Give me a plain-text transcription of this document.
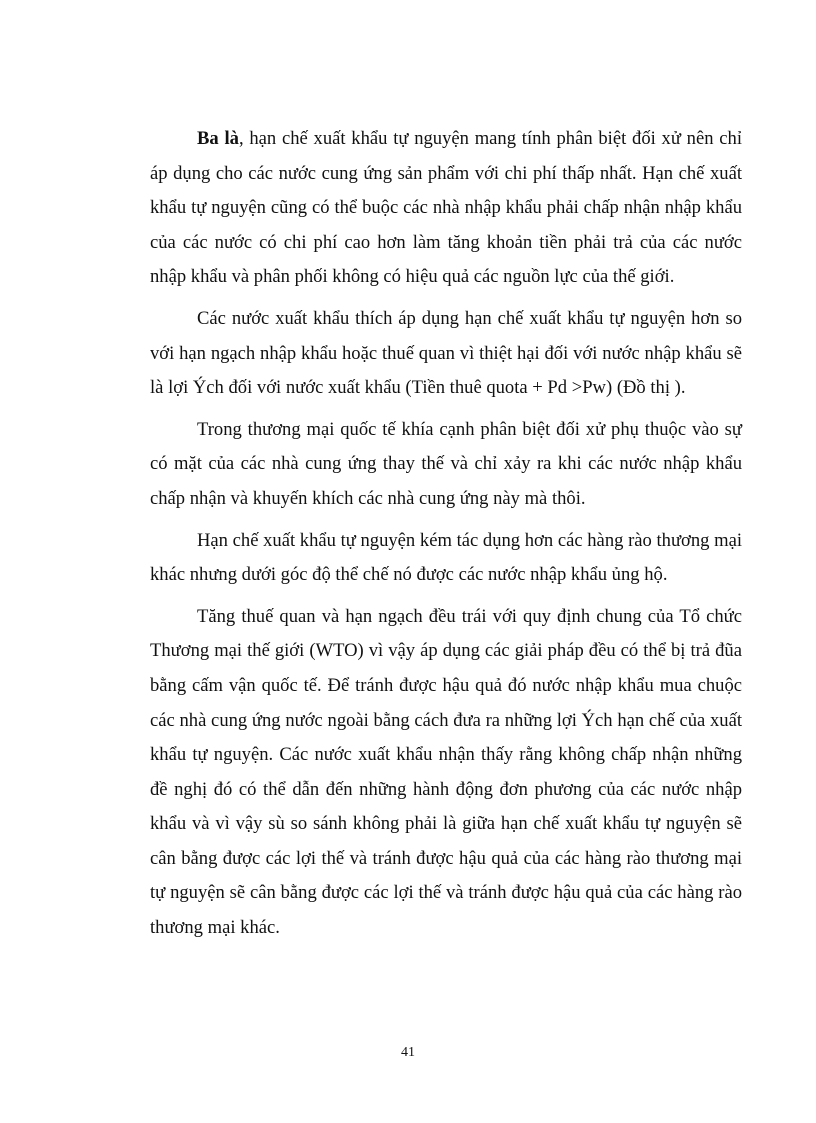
Ba là, hạn chế xuất khẩu tự nguyện mang tính phân biệt đối xử nên chỉ áp dụng cho các nước cung ứng sản phẩm với chi phí thấp nhất. Hạn chế xuất khẩu tự nguyện cũng có thể buộc các nhà nhập khẩu phải chấp nhận nhập khẩu của các nước có chi phí cao hơn làm tăng khoản tiền phải trả của các nước nhập khẩu và phân phối không có hiệu quả các nguồn lực của thế giới.

Các nước xuất khẩu thích áp dụng hạn chế xuất khẩu tự nguyện hơn so với hạn ngạch nhập khẩu hoặc thuế quan vì thiệt hại đối với nước nhập khẩu sẽ là lợi Ých đối với nước xuất khẩu (Tiền thuê quota + Pd >Pw) (Đồ thị ).

Trong thương mại quốc tế khía cạnh phân biệt đối xử phụ thuộc vào sự có mặt của các nhà cung ứng thay thế và chỉ xảy ra khi các nước nhập khẩu chấp nhận và khuyến khích các nhà cung ứng này mà thôi.

Hạn chế xuất khẩu tự nguyện kém tác dụng hơn các hàng rào thương mại khác nhưng dưới góc độ thể chế nó được các nước nhập khẩu ủng hộ.

Tăng thuế quan và hạn ngạch đều trái với quy định chung của Tổ chức Thương mại thế giới (WTO) vì vậy áp dụng các giải pháp đều có thể bị trả đũa bằng cấm vận quốc tế. Để tránh được hậu quả đó nước nhập khẩu mua chuộc các nhà cung ứng nước ngoài bằng cách đưa ra những lợi Ých hạn chế của xuất khẩu tự nguyện. Các nước xuất khẩu nhận thấy rằng không chấp nhận những đề nghị đó có thể dẫn đến những hành động đơn phương của các nước nhập khẩu và vì vậy sù so sánh không phải là giữa hạn chế xuất khẩu tự nguyện sẽ cân bằng được các lợi thế và tránh được hậu quả của các hàng rào thương mại tự nguyện sẽ cân bằng được các lợi thế và tránh được hậu quả của các hàng rào thương mại khác.

41
